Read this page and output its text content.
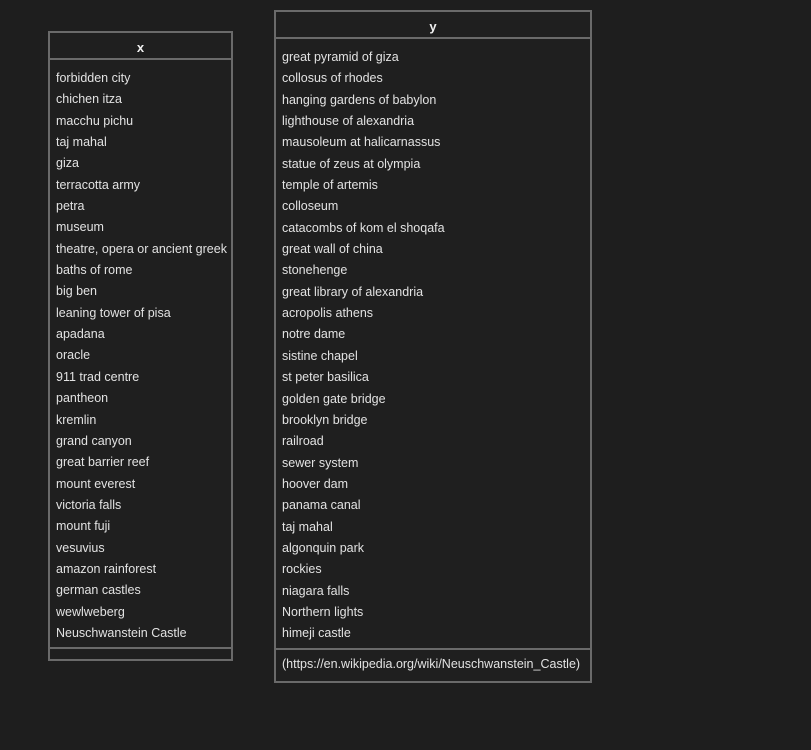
x
forbidden city
chichen itza
macchu pichu
taj mahal
giza
terracotta army
petra
museum
theatre, opera or ancient greek
baths of rome
big ben
leaning tower of pisa
apadana
oracle
911 trad centre
pantheon
kremlin
grand canyon
great barrier reef
mount everest
victoria falls
mount fuji
vesuvius
amazon rainforest
german castles
wewlweberg
Neuschwanstein Castle
y
great pyramid of giza
collosus of rhodes
hanging gardens of babylon
lighthouse of alexandria
mausoleum at halicarnassus
statue of zeus at olympia
temple of artemis
colloseum
catacombs of kom el shoqafa
great wall of china
stonehenge
great library of alexandria
acropolis athens
notre dame
sistine chapel
st peter basilica
golden gate bridge
brooklyn bridge
railroad
sewer system
hoover dam
panama canal
taj mahal
algonquin park
rockies
niagara falls
Northern lights
himeji castle
(https://en.wikipedia.org/wiki/Neuschwanstein_Castle)
